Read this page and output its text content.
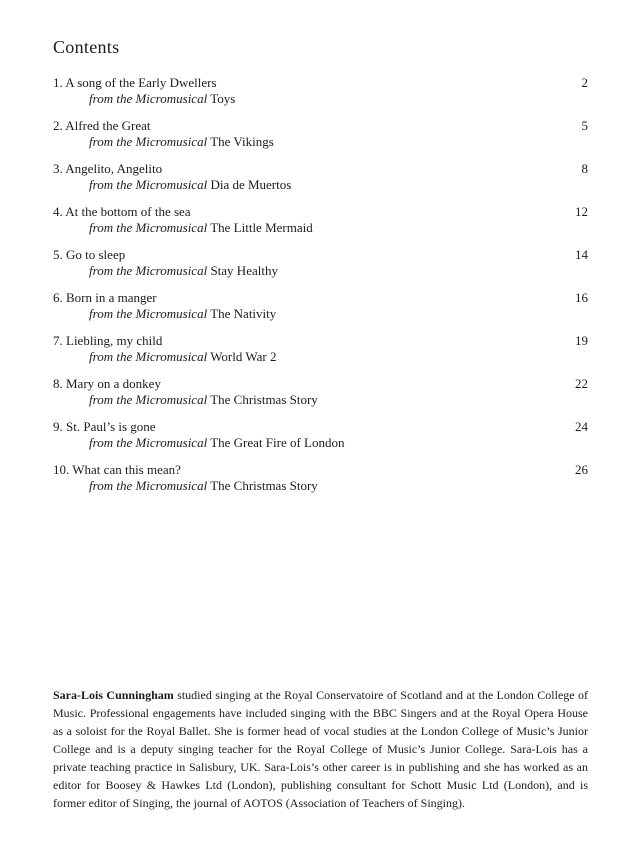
Contents
1. A song of the Early Dwellers	2
from the Micromusical Toys
2. Alfred the Great	5
from the Micromusical The Vikings
3. Angelito, Angelito	8
from the Micromusical Dia de Muertos
4. At the bottom of the sea	12
from the Micromusical The Little Mermaid
5. Go to sleep	14
from the Micromusical Stay Healthy
6. Born in a manger	16
from the Micromusical The Nativity
7. Liebling, my child	19
from the Micromusical World War 2
8. Mary on a donkey	22
from the Micromusical The Christmas Story
9. St. Paul’s is gone	24
from the Micromusical The Great Fire of London
10. What can this mean?	26
from the Micromusical The Christmas Story

Sara-Lois Cunningham studied singing at the Royal Conservatoire of Scotland and at the London College of Music. Professional engagements have included singing with the BBC Singers and at the Royal Opera House as a soloist for the Royal Ballet. She is former head of vocal studies at the London College of Music’s Junior College and is a deputy singing teacher for the Royal College of Music’s Junior College. Sara-Lois has a private teaching practice in Salisbury, UK. Sara-Lois’s other career is in publishing and she has worked as an editor for Boosey & Hawkes Ltd (London), publishing consultant for Schott Music Ltd (London), and is former editor of Singing, the journal of AOTOS (Association of Teachers of Singing).
